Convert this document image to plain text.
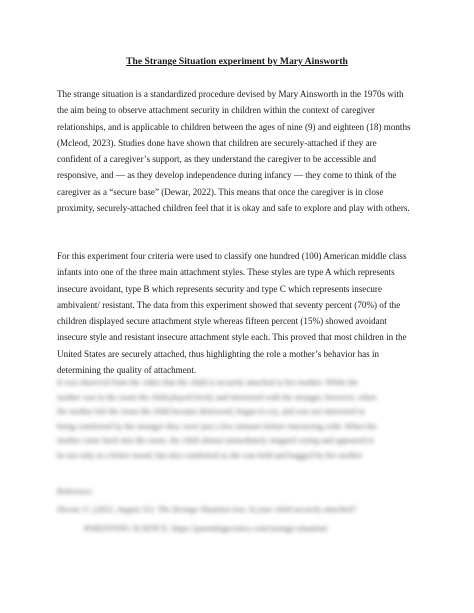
The Strange Situation experiment by Mary Ainsworth

The strange situation is a standardized procedure devised by Mary Ainsworth in the 1970s with
the aim being to observe attachment security in children within the context of caregiver
relationships, and is applicable to children between the ages of nine (9) and eighteen (18) months
(Mcleod, 2023). Studies done have shown that children are securely-attached if they are
confident of a caregiver’s support, as they understand the caregiver to be accessible and
responsive, and — as they develop independence during infancy — they come to think of the
caregiver as a “secure base” (Dewar, 2022). This means that once the caregiver is in close
proximity, securely-attached children feel that it is okay and safe to explore and play with others.
For this experiment four criteria were used to classify one hundred (100) American middle class
infants into one of the three main attachment styles. These styles are type A which represents
insecure avoidant, type B which represents security and type C which represents insecure
ambivalent/ resistant. The data from this experiment showed that seventy percent (70%) of the
children displayed secure attachment style whereas fifteen percent (15%) showed avoidant
insecure style and resistant insecure attachment style each. This proved that most children in the
United States are securely attached, thus highlighting the role a mother’s behavior has in
determining the quality of attachment.
It was observed from the video that the child is securely attached to her mother. While the
mother was in the room the child played freely and interacted with the stranger, however, when
the mother left the room the child became distressed, began to cry, and was not interested in
being comforted by the stranger they were just a few minutes before interacting with. When the
mother came back into the room, the child almost immediately stopped crying and appeared to
be not only in a better mood, but also comforted as she was held and hugged by her mother

Reference:

Dewar, G. (2022, August 31). The Strange Situation test: Is your child securely attached?

PARENTING SCIENCE. https://parentingscience.com/strange-situation/
